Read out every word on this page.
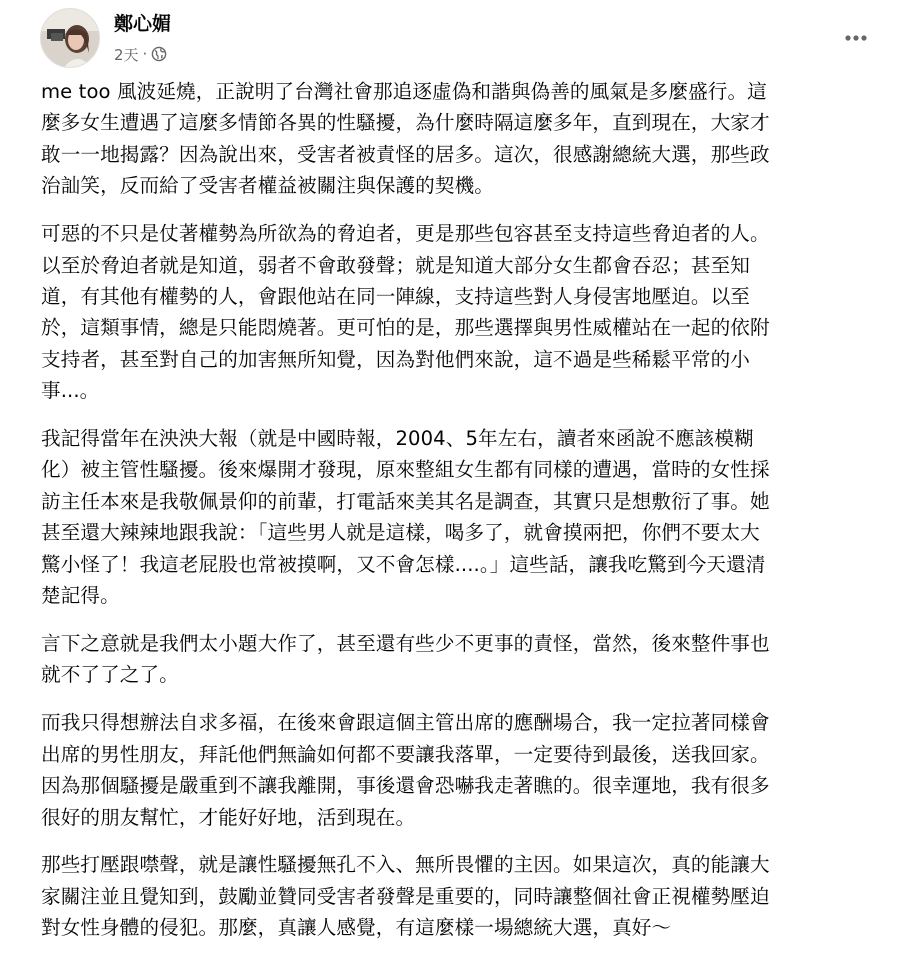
鄭心媚
2天 ·

me too 風波延燒，正說明了台灣社會那追逐虛偽和諧與偽善的風氣是多麼盛行。這
麼多女生遭遇了這麼多情節各異的性騷擾，為什麼時隔這麼多年，直到現在，大家才
敢一一地揭露？因為說出來，受害者被責怪的居多。這次，很感謝總統大選，那些政
治訕笑，反而給了受害者權益被關注與保護的契機。

可惡的不只是仗著權勢為所欲為的脅迫者，更是那些包容甚至支持這些脅迫者的人。
以至於脅迫者就是知道，弱者不會敢發聲；就是知道大部分女生都會吞忍；甚至知
道，有其他有權勢的人，會跟他站在同一陣線，支持這些對人身侵害地壓迫。以至
於，這類事情，總是只能悶燒著。更可怕的是，那些選擇與男性威權站在一起的依附
支持者，甚至對自己的加害無所知覺，因為對他們來說，這不過是些稀鬆平常的小
事...。

我記得當年在泱泱大報（就是中國時報，2004、5年左右，讀者來函說不應該模糊
化）被主管性騷擾。後來爆開才發現，原來整組女生都有同樣的遭遇，當時的女性採
訪主任本來是我敬佩景仰的前輩，打電話來美其名是調查，其實只是想敷衍了事。她
甚至還大辣辣地跟我說：「這些男人就是這樣，喝多了，就會摸兩把，你們不要太大
驚小怪了！我這老屁股也常被摸啊，又不會怎樣....。」這些話，讓我吃驚到今天還清
楚記得。

言下之意就是我們太小題大作了，甚至還有些少不更事的責怪，當然，後來整件事也
就不了了之了。

而我只得想辦法自求多福，在後來會跟這個主管出席的應酬場合，我一定拉著同樣會
出席的男性朋友，拜託他們無論如何都不要讓我落單，一定要待到最後，送我回家。
因為那個騷擾是嚴重到不讓我離開，事後還會恐嚇我走著瞧的。很幸運地，我有很多
很好的朋友幫忙，才能好好地，活到現在。

那些打壓跟噤聲，就是讓性騷擾無孔不入、無所畏懼的主因。如果這次，真的能讓大
家關注並且覺知到，鼓勵並贊同受害者發聲是重要的，同時讓整個社會正視權勢壓迫
對女性身體的侵犯。那麼，真讓人感覺，有這麼樣一場總統大選，真好～
